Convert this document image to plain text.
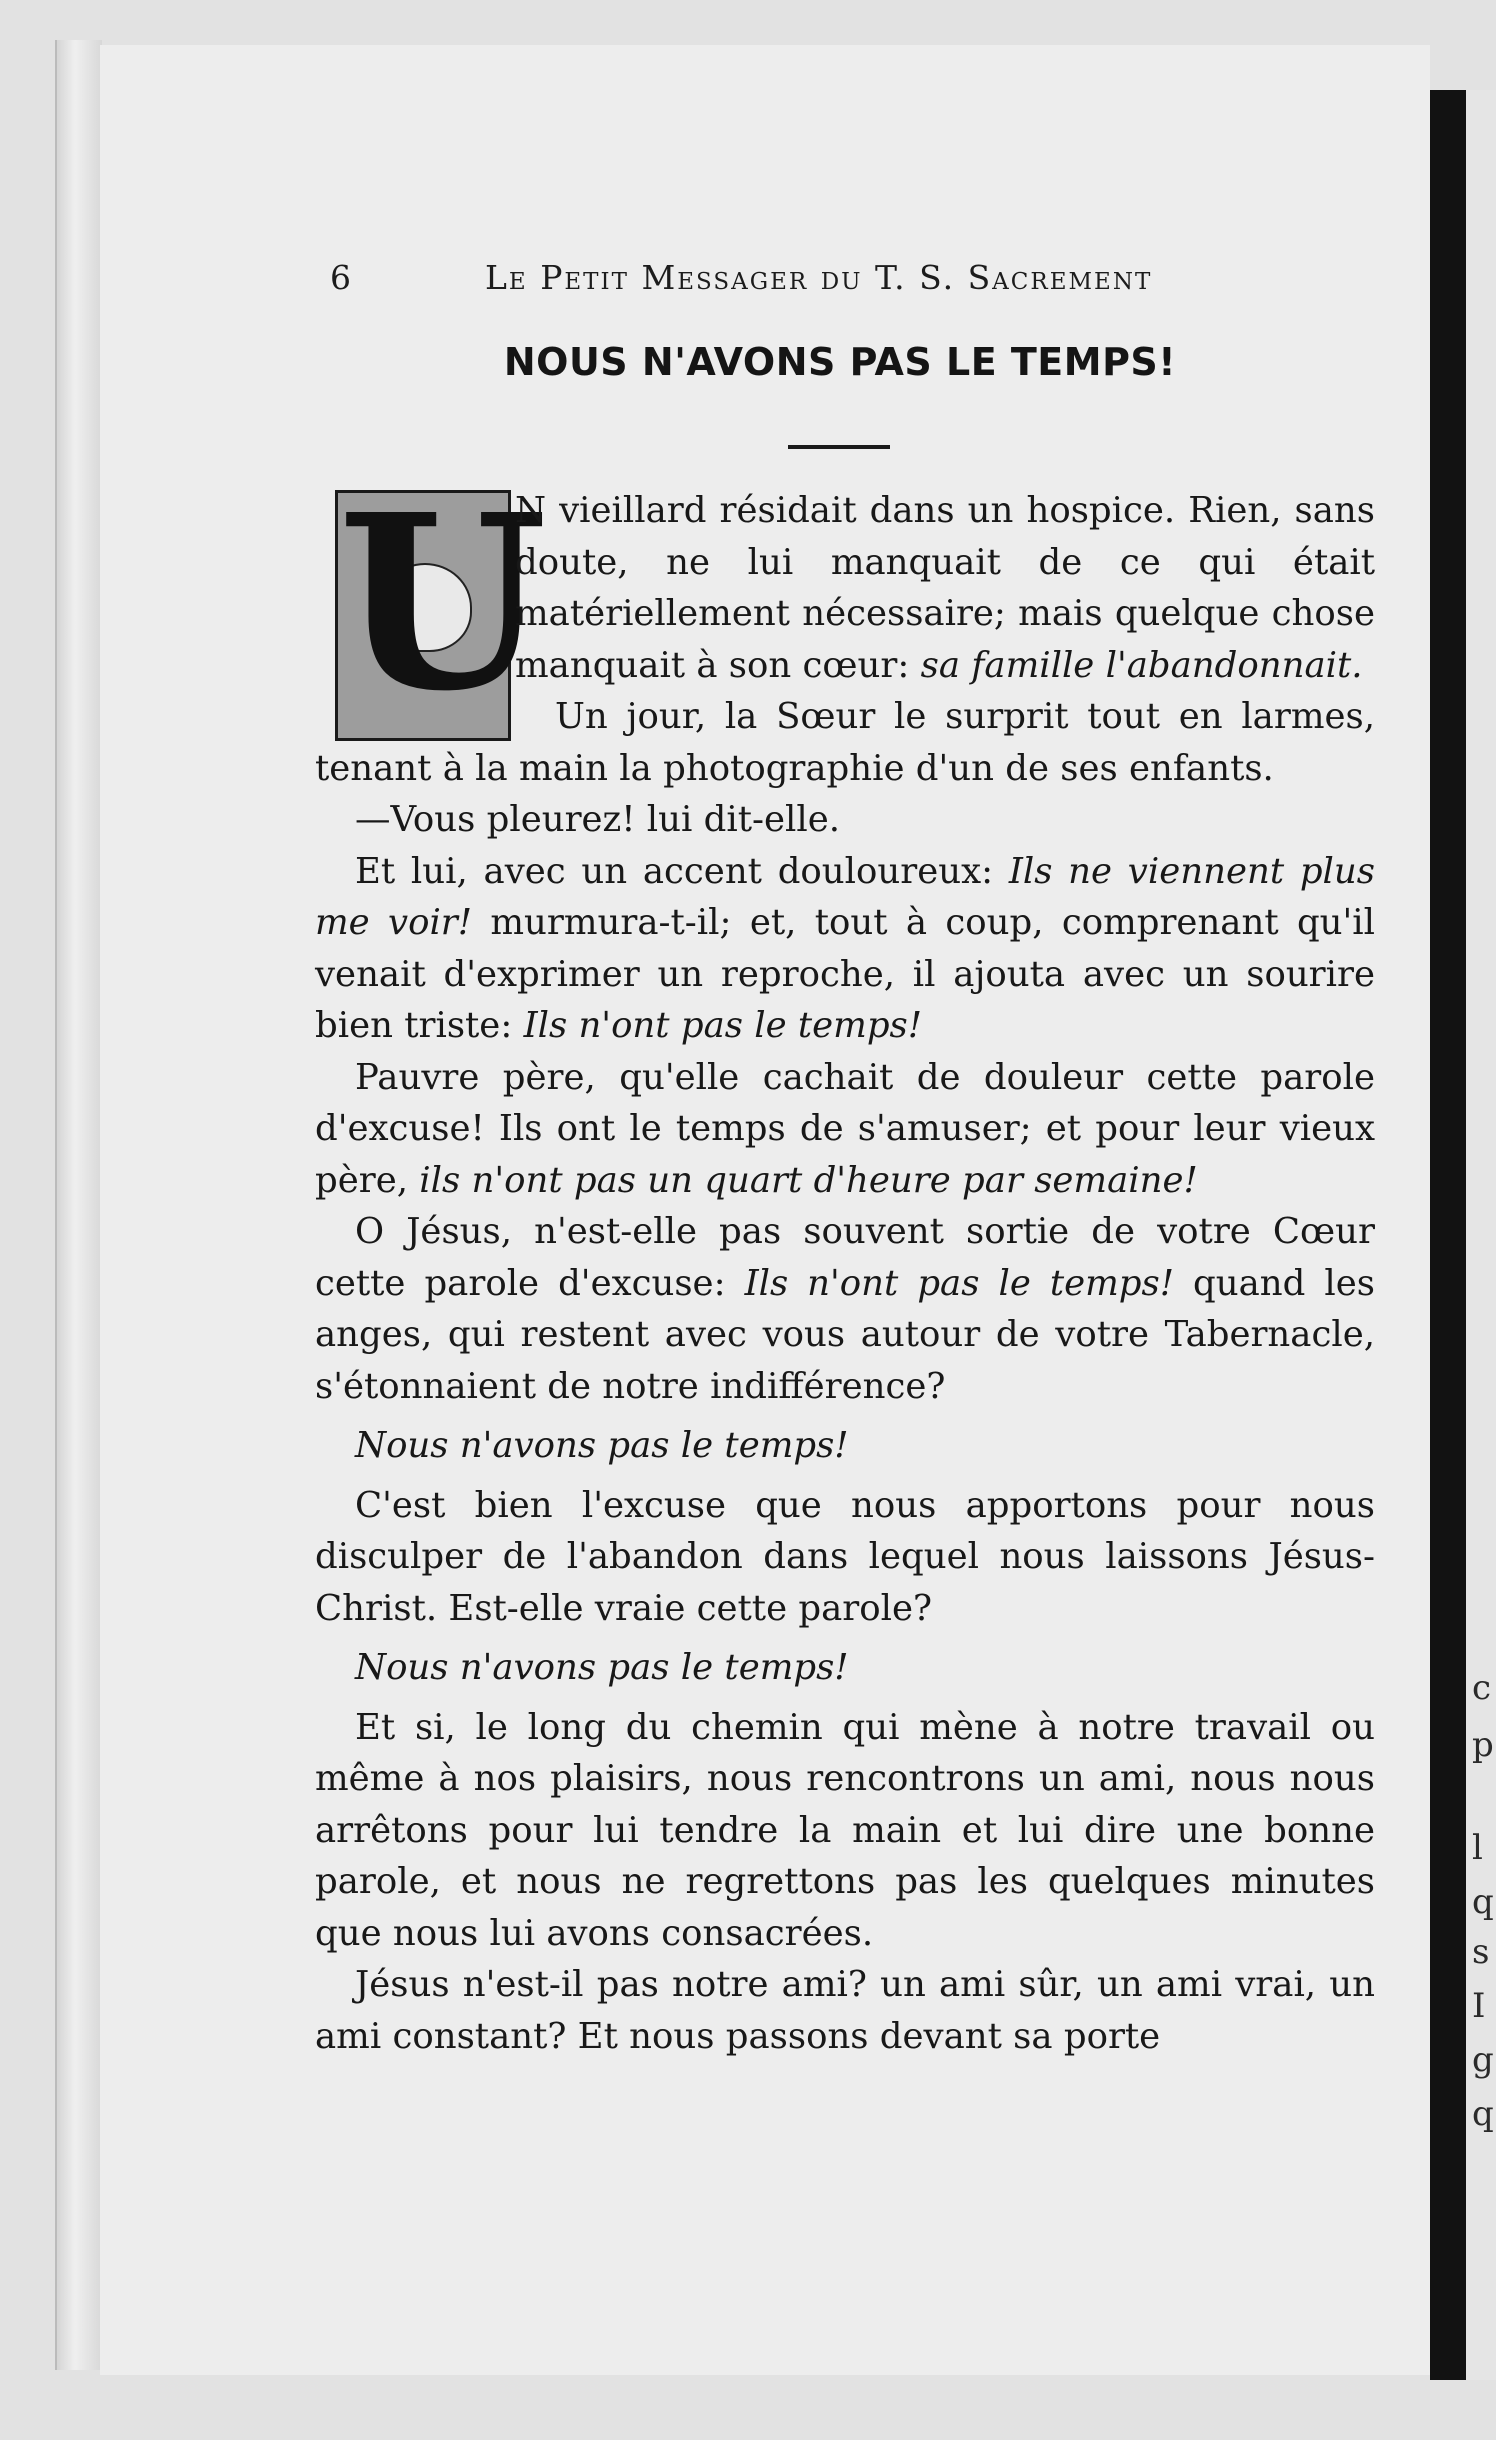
c
p
l
q
s
I
g
q
6	Le Petit Messager du T. S. Sacrement
NOUS N'AVONS PAS LE TEMPS!
U

N vieillard résidait dans un hospice. Rien, sans doute, ne lui manquait de ce qui était matériellement nécessaire; mais quelque chose manquait à son cœur: sa famille l'abandonnait.

Un jour, la Sœur le surprit tout en larmes, tenant à la main la photographie d'un de ses enfants.

—Vous pleurez! lui dit-elle.

Et lui, avec un accent douloureux: Ils ne viennent plus me voir! murmura-t-il; et, tout à coup, comprenant qu'il venait d'exprimer un reproche, il ajouta avec un sourire bien triste: Ils n'ont pas le temps!

Pauvre père, qu'elle cachait de douleur cette parole d'excuse! Ils ont le temps de s'amuser; et pour leur vieux père, ils n'ont pas un quart d'heure par semaine!

O Jésus, n'est-elle pas souvent sortie de votre Cœur cette parole d'excuse: Ils n'ont pas le temps! quand les anges, qui restent avec vous autour de votre Tabernacle, s'étonnaient de notre indifférence?

Nous n'avons pas le temps!

C'est bien l'excuse que nous apportons pour nous disculper de l'abandon dans lequel nous laissons Jésus-Christ. Est-elle vraie cette parole?

Nous n'avons pas le temps!

Et si, le long du chemin qui mène à notre travail ou même à nos plaisirs, nous rencontrons un ami, nous nous arrêtons pour lui tendre la main et lui dire une bonne parole, et nous ne regrettons pas les quelques minutes que nous lui avons consacrées.

Jésus n'est-il pas notre ami? un ami sûr, un ami vrai, un ami constant? Et nous passons devant sa porte
